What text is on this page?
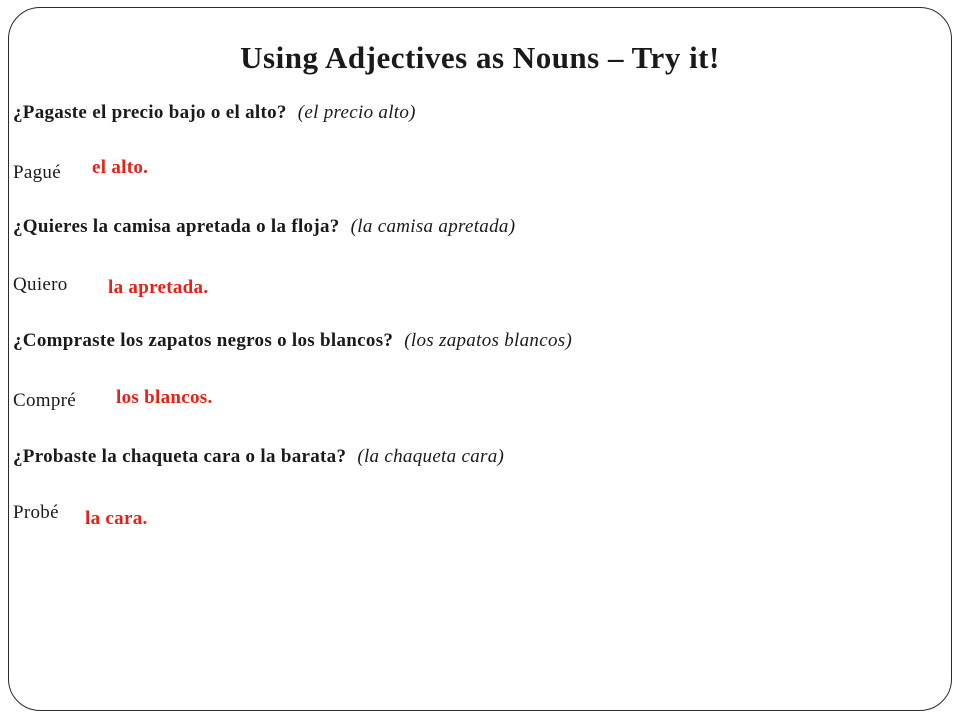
Using Adjectives as Nouns – Try it!
¿Pagaste el precio bajo o el alto? (el precio alto)
Pagué el alto.
¿Quieres la camisa apretada o la floja? (la camisa apretada)
Quiero la apretada.
¿Compraste los zapatos negros o los blancos? (los zapatos blancos)
Compré los blancos.
¿Probaste la chaqueta cara o la barata? (la chaqueta cara)
Probé la cara.
